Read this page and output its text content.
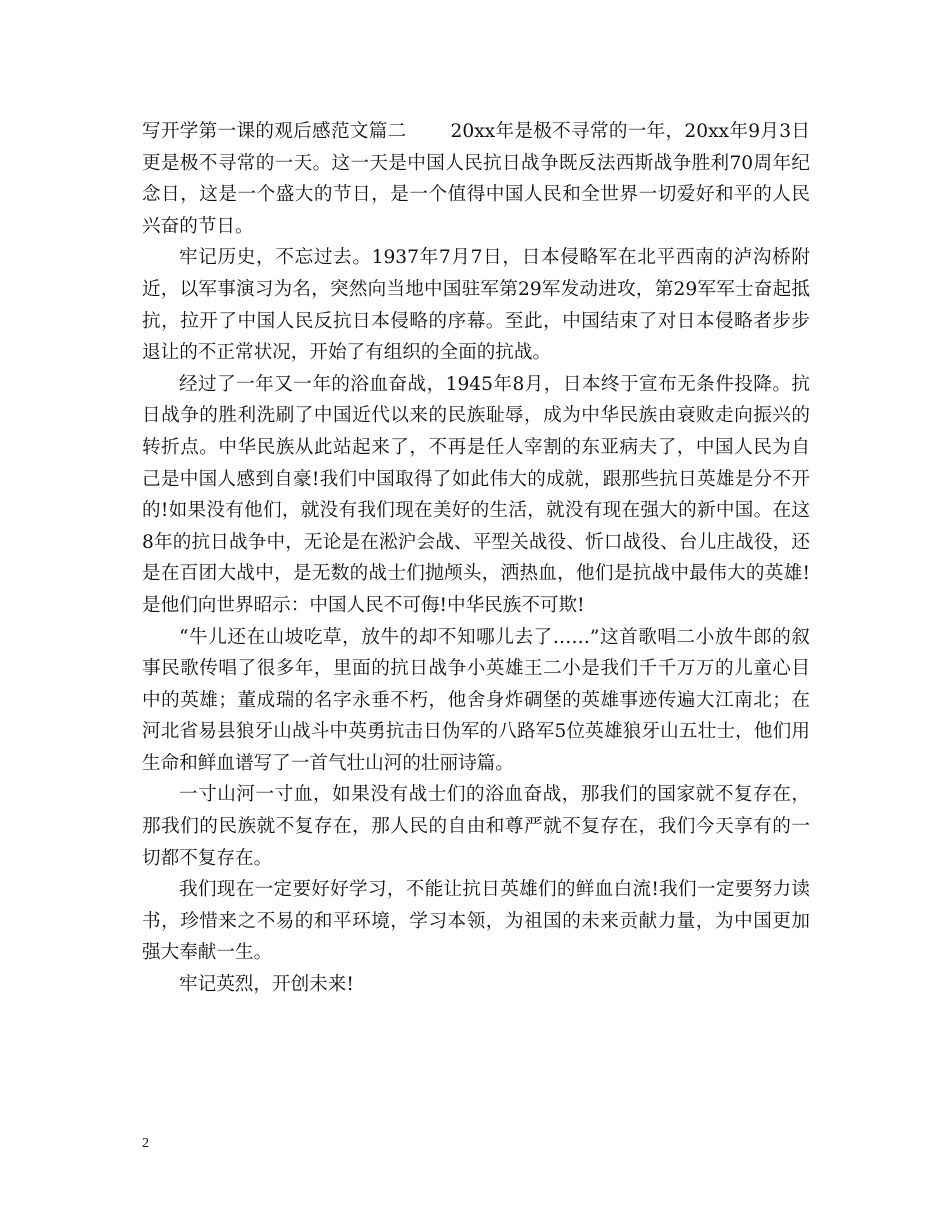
写开学第一课的观后感范文篇二　　 20xx年是极不寻常的一年，20xx年9月3日更是极不寻常的一天。这一天是中国人民抗日战争既反法西斯战争胜利70周年纪念日，这是一个盛大的节日，是一个值得中国人民和全世界一切爱好和平的人民兴奋的节日。

牢记历史，不忘过去。1937年7月7日，日本侵略军在北平西南的泸沟桥附近，以军事演习为名，突然向当地中国驻军第29军发动进攻，第29军军士奋起抵抗，拉开了中国人民反抗日本侵略的序幕。至此，中国结束了对日本侵略者步步退让的不正常状况，开始了有组织的全面的抗战。

经过了一年又一年的浴血奋战，1945年8月，日本终于宣布无条件投降。抗日战争的胜利洗刷了中国近代以来的民族耻辱，成为中华民族由衰败走向振兴的转折点。中华民族从此站起来了，不再是任人宰割的东亚病夫了，中国人民为自己是中国人感到自豪!我们中国取得了如此伟大的成就，跟那些抗日英雄是分不开的!如果没有他们，就没有我们现在美好的生活，就没有现在强大的新中国。在这8年的抗日战争中，无论是在淞沪会战、平型关战役、忻口战役、台儿庄战役，还是在百团大战中，是无数的战士们抛颅头，洒热血，他们是抗战中最伟大的英雄!是他们向世界昭示：中国人民不可侮!中华民族不可欺!

“牛儿还在山坡吃草，放牛的却不知哪儿去了……”这首歌唱二小放牛郎的叙事民歌传唱了很多年，里面的抗日战争小英雄王二小是我们千千万万的儿童心目中的英雄；董成瑞的名字永垂不朽，他舍身炸碉堡的英雄事迹传遍大江南北；在河北省易县狼牙山战斗中英勇抗击日伪军的八路军5位英雄狼牙山五壮士，他们用生命和鲜血谱写了一首气壮山河的壮丽诗篇。

一寸山河一寸血，如果没有战士们的浴血奋战，那我们的国家就不复存在，那我们的民族就不复存在，那人民的自由和尊严就不复存在，我们今天享有的一切都不复存在。

我们现在一定要好好学习，不能让抗日英雄们的鲜血白流!我们一定要努力读书，珍惜来之不易的和平环境，学习本领，为祖国的未来贡献力量，为中国更加强大奉献一生。

牢记英烈，开创未来!

2
